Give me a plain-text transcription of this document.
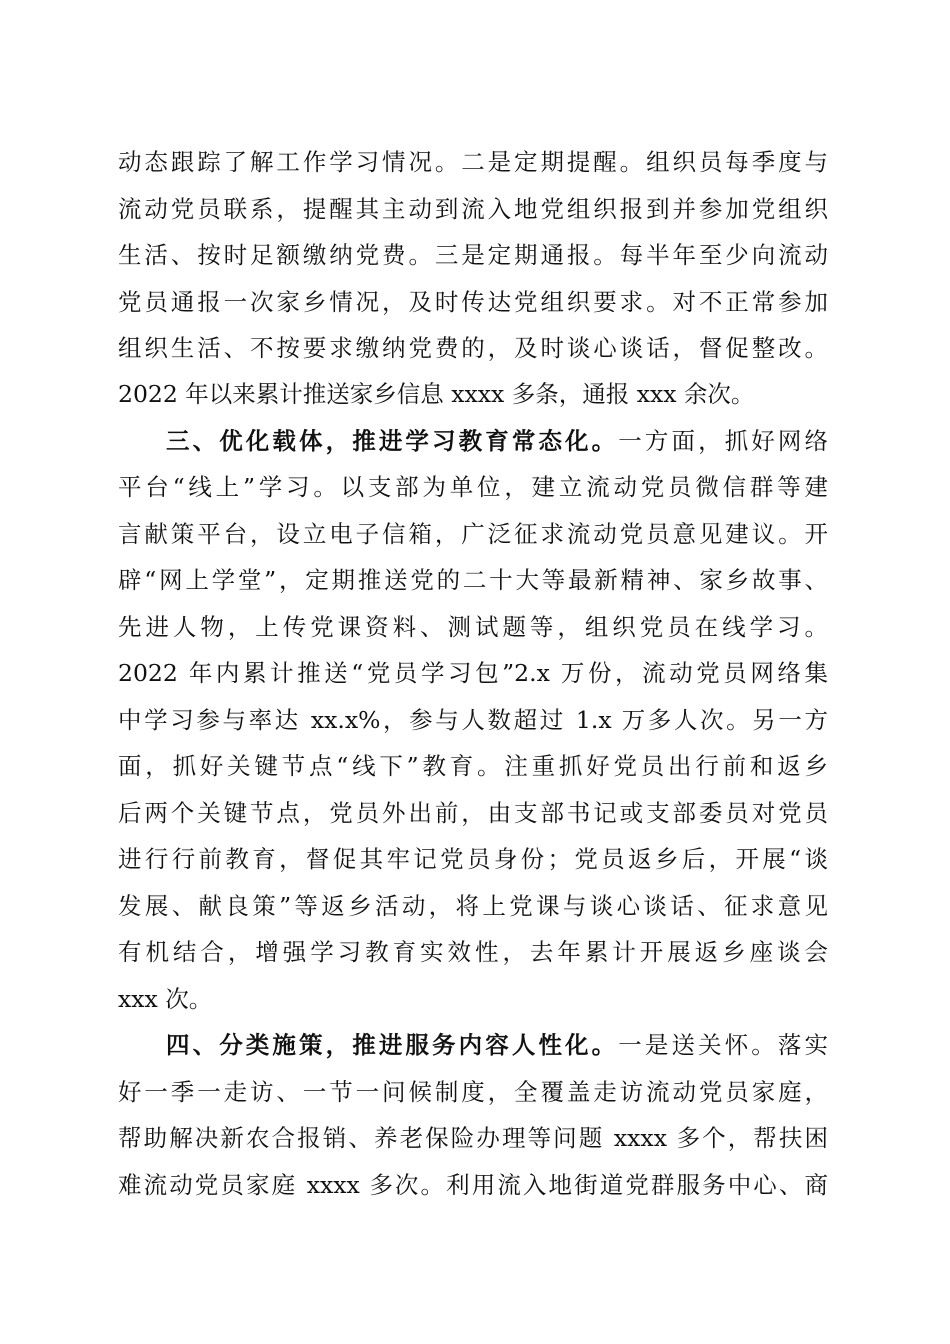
动态跟踪了解工作学习情况。二是定期提醒。组织员每季度与
流动党员联系，提醒其主动到流入地党组织报到并参加党组织
生活、按时足额缴纳党费。三是定期通报。每半年至少向流动
党员通报一次家乡情况，及时传达党组织要求。对不正常参加
组织生活、不按要求缴纳党费的，及时谈心谈话，督促整改。
2022 年以来累计推送家乡信息 xxxx 多条，通报 xxx 余次。
三、优化载体，推进学习教育常态化。一方面，抓好网络
平台“线上”学习。以支部为单位，建立流动党员微信群等建
言献策平台，设立电子信箱，广泛征求流动党员意见建议。开
辟“网上学堂”，定期推送党的二十大等最新精神、家乡故事、
先进人物，上传党课资料、测试题等，组织党员在线学习。
2022 年内累计推送“党员学习包”2.x 万份，流动党员网络集
中学习参与率达 xx.x%，参与人数超过 1.x 万多人次。另一方
面，抓好关键节点“线下”教育。注重抓好党员出行前和返乡
后两个关键节点，党员外出前，由支部书记或支部委员对党员
进行行前教育，督促其牢记党员身份；党员返乡后，开展“谈
发展、献良策”等返乡活动，将上党课与谈心谈话、征求意见
有机结合，增强学习教育实效性，去年累计开展返乡座谈会
xxx 次。
四、分类施策，推进服务内容人性化。一是送关怀。落实
好一季一走访、一节一问候制度，全覆盖走访流动党员家庭，
帮助解决新农合报销、养老保险办理等问题 xxxx 多个，帮扶困
难流动党员家庭 xxxx 多次。利用流入地街道党群服务中心、商
